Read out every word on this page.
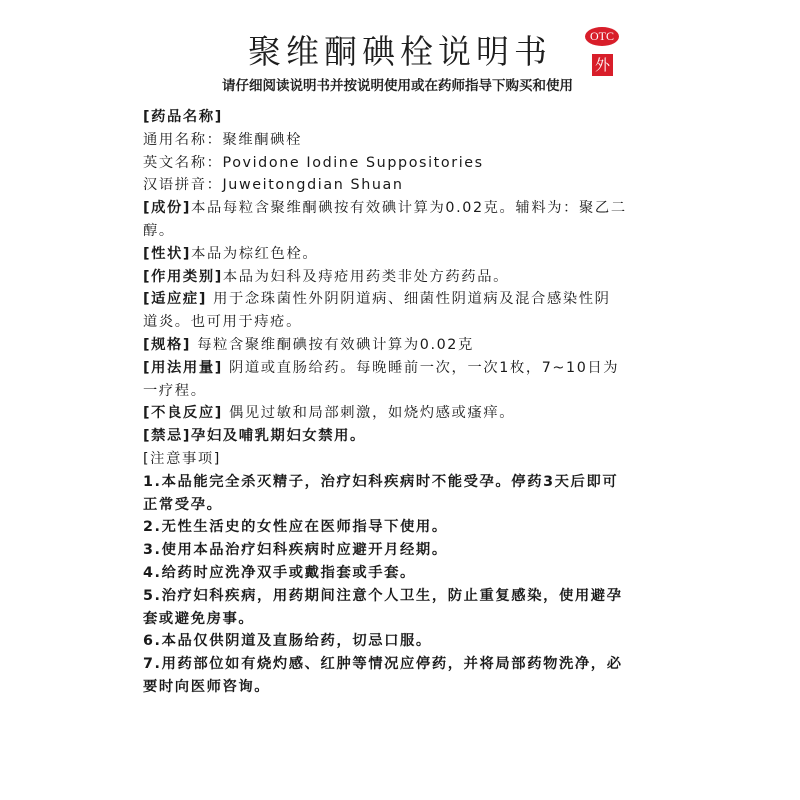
聚维酮碘栓说明书
请仔细阅读说明书并按说明使用或在药师指导下购买和使用
OTC
外
[药品名称]
通用名称：聚维酮碘栓
英文名称：Povidone Iodine Suppositories
汉语拼音：Juweitongdian Shuan
[成份]本品每粒含聚维酮碘按有效碘计算为0.02克。辅料为：聚乙二
醇。
[性状]本品为棕红色栓。
[作用类别]本品为妇科及痔疮用药类非处方药药品。
[适应症] 用于念珠菌性外阴阴道病、细菌性阴道病及混合感染性阴
道炎。也可用于痔疮。
[规格] 每粒含聚维酮碘按有效碘计算为0.02克
[用法用量] 阴道或直肠给药。每晚睡前一次，一次1枚，7~10日为
一疗程。
[不良反应] 偶见过敏和局部刺激，如烧灼感或瘙痒。
[禁忌]孕妇及哺乳期妇女禁用。
[注意事项]
1.本品能完全杀灭精子，治疗妇科疾病时不能受孕。停药3天后即可
正常受孕。
2.无性生活史的女性应在医师指导下使用。
3.使用本品治疗妇科疾病时应避开月经期。
4.给药时应洗净双手或戴指套或手套。
5.治疗妇科疾病，用药期间注意个人卫生，防止重复感染，使用避孕
套或避免房事。
6.本品仅供阴道及直肠给药，切忌口服。
7.用药部位如有烧灼感、红肿等情况应停药，并将局部药物洗净，必
要时向医师咨询。
